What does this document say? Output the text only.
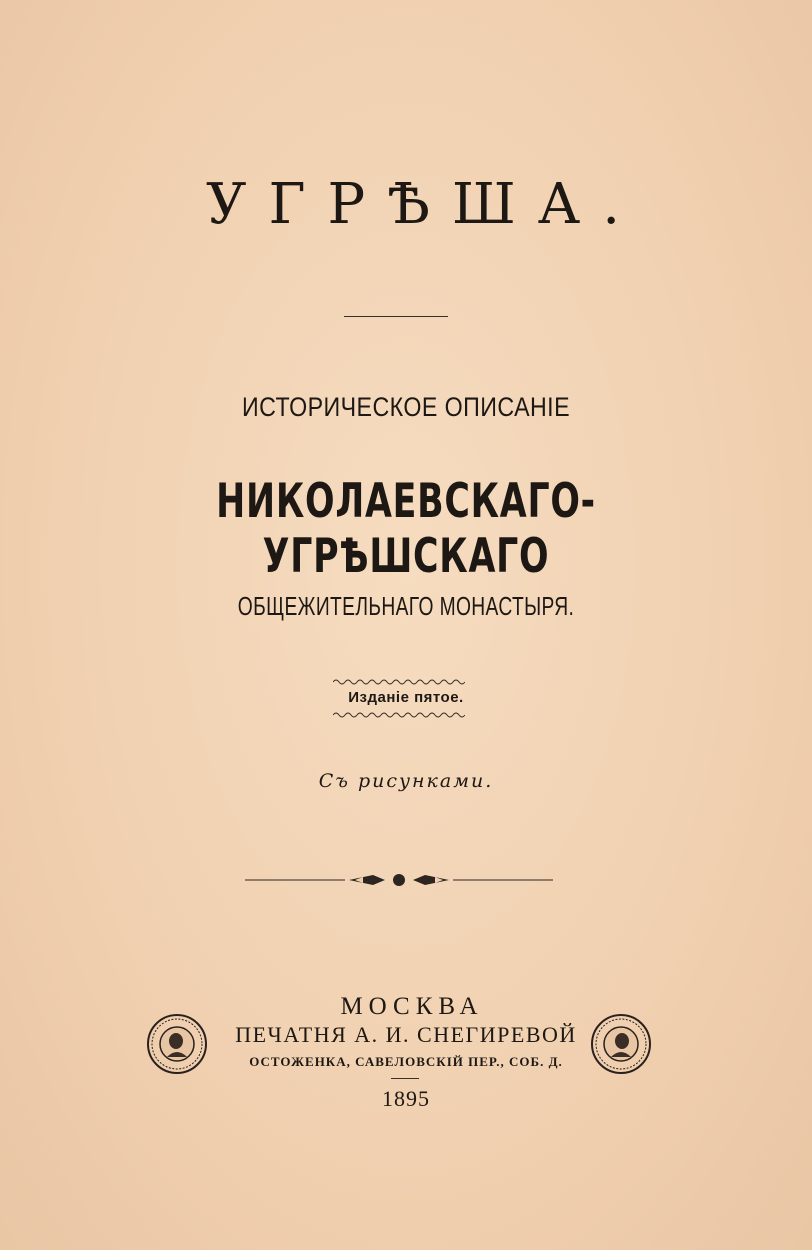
УГРѢША.
ИСТОРИЧЕСКОЕ ОПИСАНІЕ
НИКОЛАЕВСКАГО-УГРѢШСКАГО
ОБЩЕЖИТЕЛЬНАГО МОНАСТЫРЯ.
Изданіе пятое.
Съ рисунками.
МОСКВА
ПЕЧАТНЯ А. И. СНЕГИРЕВОЙ
ОСТОЖЕНКА, САВЕЛОВСКІЙ ПЕР., СОБ. Д.
1895
